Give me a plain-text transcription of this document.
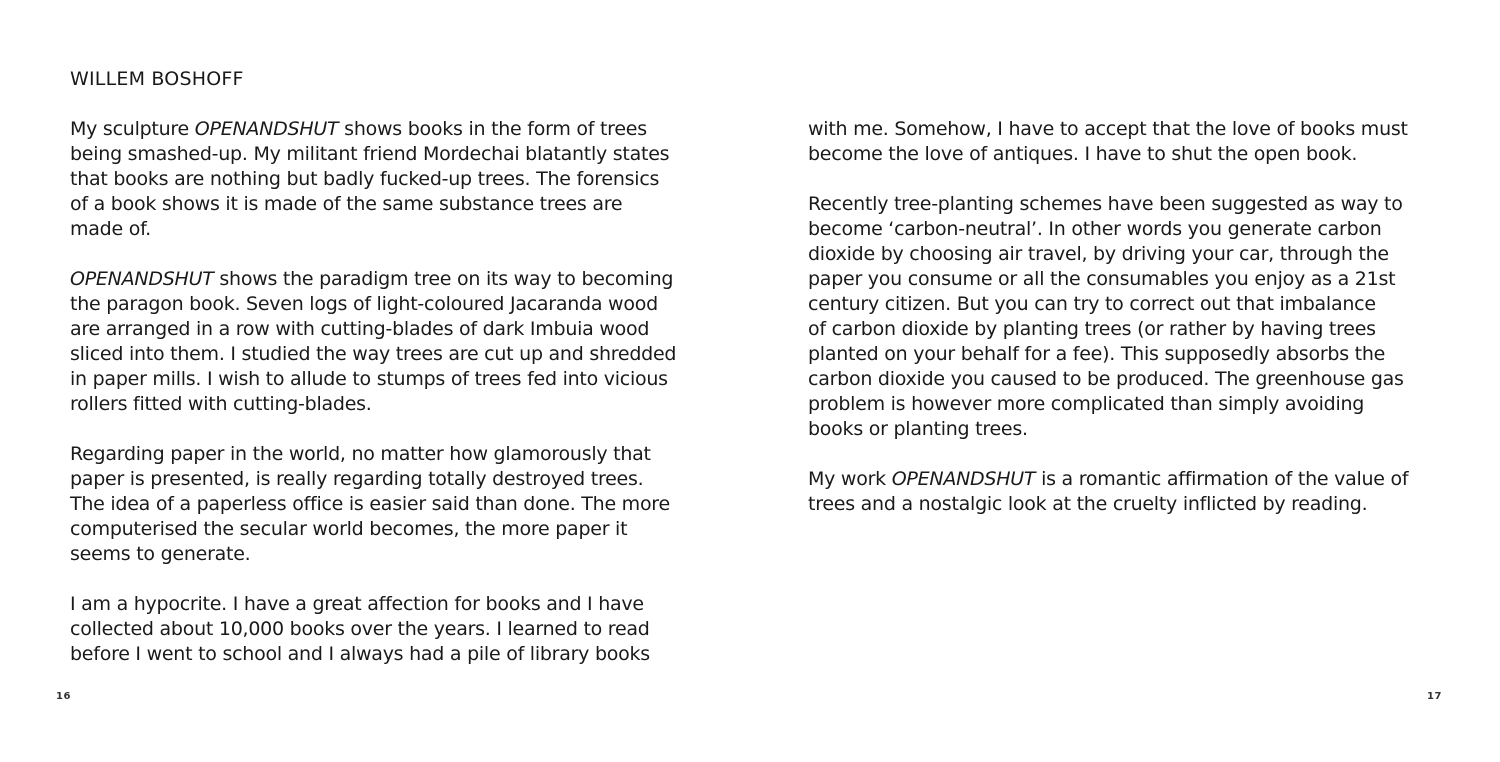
WILLEM BOSHOFF

My sculpture OPENANDSHUT shows books in the form of trees
being smashed-up. My militant friend Mordechai blatantly states
that books are nothing but badly fucked-up trees. The forensics
of a book shows it is made of the same substance trees are
made of.

OPENANDSHUT shows the paradigm tree on its way to becoming
the paragon book. Seven logs of light-coloured Jacaranda wood
are arranged in a row with cutting-blades of dark Imbuia wood
sliced into them. I studied the way trees are cut up and shredded
in paper mills. I wish to allude to stumps of trees fed into vicious
rollers fitted with cutting-blades.

Regarding paper in the world, no matter how glamorously that
paper is presented, is really regarding totally destroyed trees.
The idea of a paperless office is easier said than done. The more
computerised the secular world becomes, the more paper it
seems to generate.

I am a hypocrite. I have a great affection for books and I have
collected about 10,000 books over the years. I learned to read
before I went to school and I always had a pile of library books

16

with me. Somehow, I have to accept that the love of books must
become the love of antiques. I have to shut the open book.

Recently tree-planting schemes have been suggested as way to
become ‘carbon-neutral’. In other words you generate carbon
dioxide by choosing air travel, by driving your car, through the
paper you consume or all the consumables you enjoy as a 21st
century citizen. But you can try to correct out that imbalance
of carbon dioxide by planting trees (or rather by having trees
planted on your behalf for a fee). This supposedly absorbs the
carbon dioxide you caused to be produced. The greenhouse gas
problem is however more complicated than simply avoiding
books or planting trees.

My work OPENANDSHUT is a romantic affirmation of the value of
trees and a nostalgic look at the cruelty inflicted by reading.

17
